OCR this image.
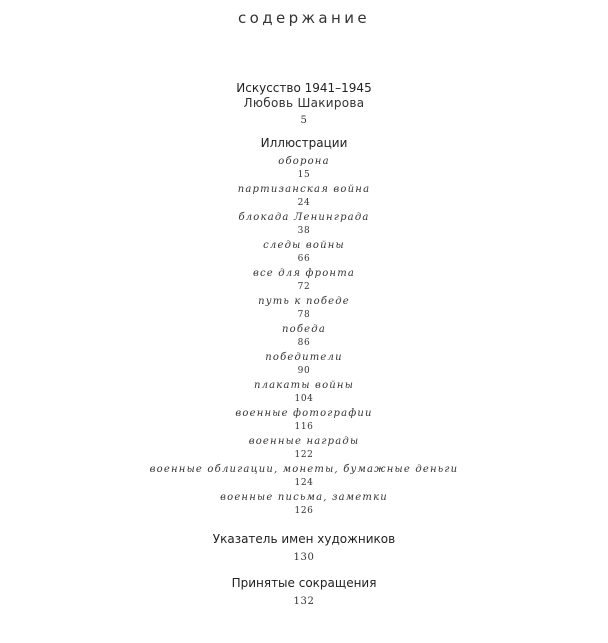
содержание
Искусство 1941–1945
Любовь Шакирова
5
Иллюстрации
оборона
15
партизанская война
24
блокада Ленинграда
38
следы войны
66
все для фронта
72
путь к победе
78
победа
86
победители
90
плакаты войны
104
военные фотографии
116
военные награды
122
военные облигации, монеты, бумажные деньги
124
военные письма, заметки
126
Указатель имен художников
130
Принятые сокращения
132
